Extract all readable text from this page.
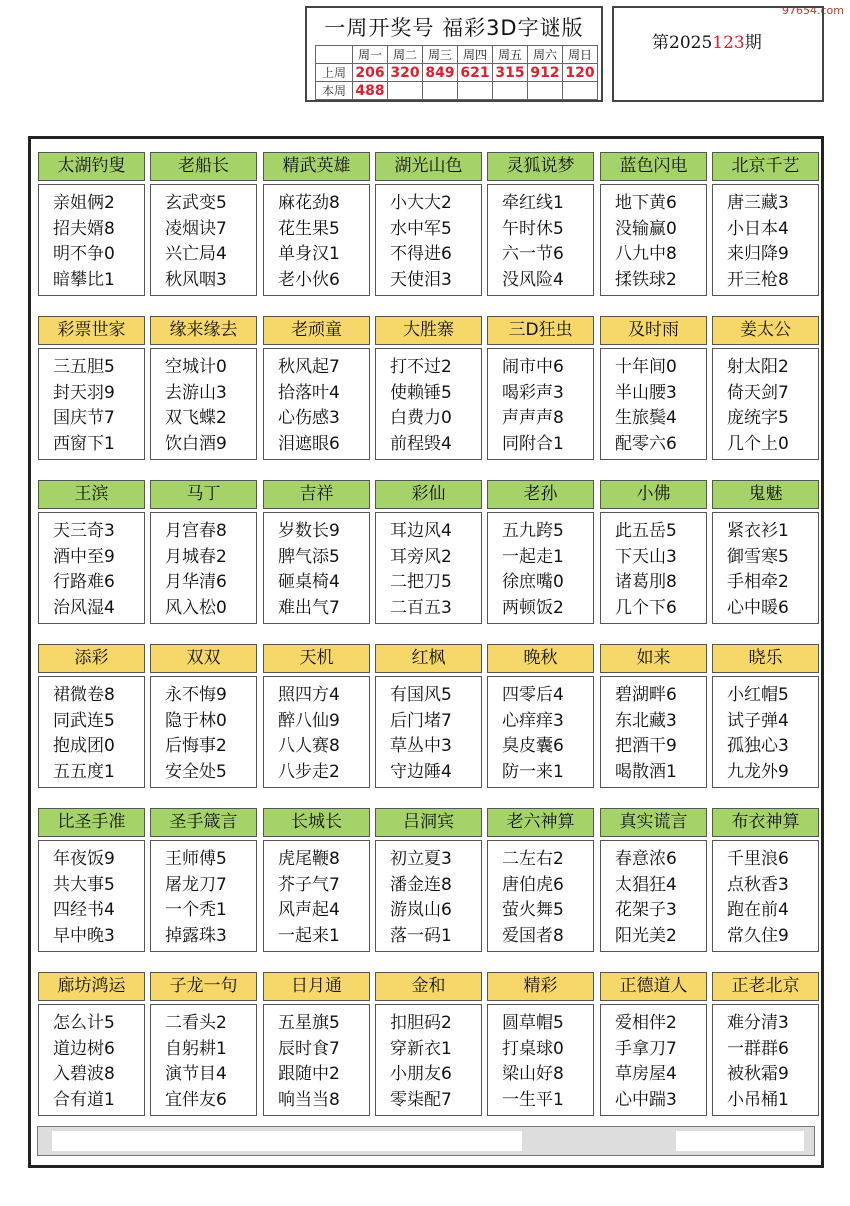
97654.com
一周开奖号 福彩3D字谜版
	周一	周二	周三	周四	周五	周六	周日
上周	206	320	849	621	315	912	120
本周	488						
第2025123期
太湖钓叟
亲姐俩2
招夫婿8
明不争0
暗攀比1
老船长
玄武变5
凌烟诀7
兴亡局4
秋风咽3
精武英雄
麻花劲8
花生果5
单身汉1
老小伙6
湖光山色
小大大2
水中军5
不得进6
天使泪3
灵狐说梦
牵红线1
午时休5
六一节6
没风险4
蓝色闪电
地下黄6
没输赢0
八九中8
揉铁球2
北京千艺
唐三藏3
小日本4
来归降9
开三枪8
彩票世家
三五胆5
封天羽9
国庆节7
西窗下1
缘来缘去
空城计0
去游山3
双飞蝶2
饮白酒9
老顽童
秋风起7
拾落叶4
心伤感3
泪遮眼6
大胜寨
打不过2
使赖锤5
白费力0
前程毁4
三D狂虫
闹市中6
喝彩声3
声声声8
同附合1
及时雨
十年间0
半山腰3
生旅鬓4
配零六6
姜太公
射太阳2
倚天剑7
庞统字5
几个上0
王滨
天三奇3
酒中至9
行路难6
治风湿4
马丁
月宫春8
月城春2
月华清6
风入松0
吉祥
岁数长9
脾气添5
砸桌椅4
难出气7
彩仙
耳边风4
耳旁风2
二把刀5
二百五3
老孙
五九跨5
一起走1
徐庶嘴0
两顿饭2
小佛
此五岳5
下天山3
诸葛刖8
几个下6
鬼魅
紧衣衫1
御雪寒5
手相牵2
心中暖6
添彩
裙微卷8
同武连5
抱成团0
五五度1
双双
永不悔9
隐于林0
后悔事2
安全处5
天机
照四方4
醉八仙9
八人赛8
八步走2
红枫
有国风5
后门堵7
草丛中3
守边陲4
晚秋
四零后4
心痒痒3
臭皮囊6
防一来1
如来
碧湖畔6
东北藏3
把酒干9
喝散酒1
晓乐
小红帽5
试子弹4
孤独心3
九龙外9
比圣手准
年夜饭9
共大事5
四经书4
早中晚3
圣手箴言
王师傅5
屠龙刀7
一个秃1
掉露珠3
长城长
虎尾鞭8
芥子气7
风声起4
一起来1
吕洞宾
初立夏3
潘金连8
游岚山6
落一码1
老六神算
二左右2
唐伯虎6
萤火舞5
爱国者8
真实谎言
春意浓6
太猖狂4
花架子3
阳光美2
布衣神算
千里浪6
点秋香3
跑在前4
常久住9
廊坊鸿运
怎么计5
道边树6
入碧波8
合有道1
子龙一句
二看头2
自躬耕1
演节目4
宜伴友6
日月通
五星旗5
辰时食7
跟随中2
响当当8
金和
扣胆码2
穿新衣1
小朋友6
零柒配7
精彩
圆草帽5
打桌球0
梁山好8
一生平1
正德道人
爱相伴2
手拿刀7
草房屋4
心中踹3
正老北京
难分清3
一群群6
被秋霜9
小吊桶1
